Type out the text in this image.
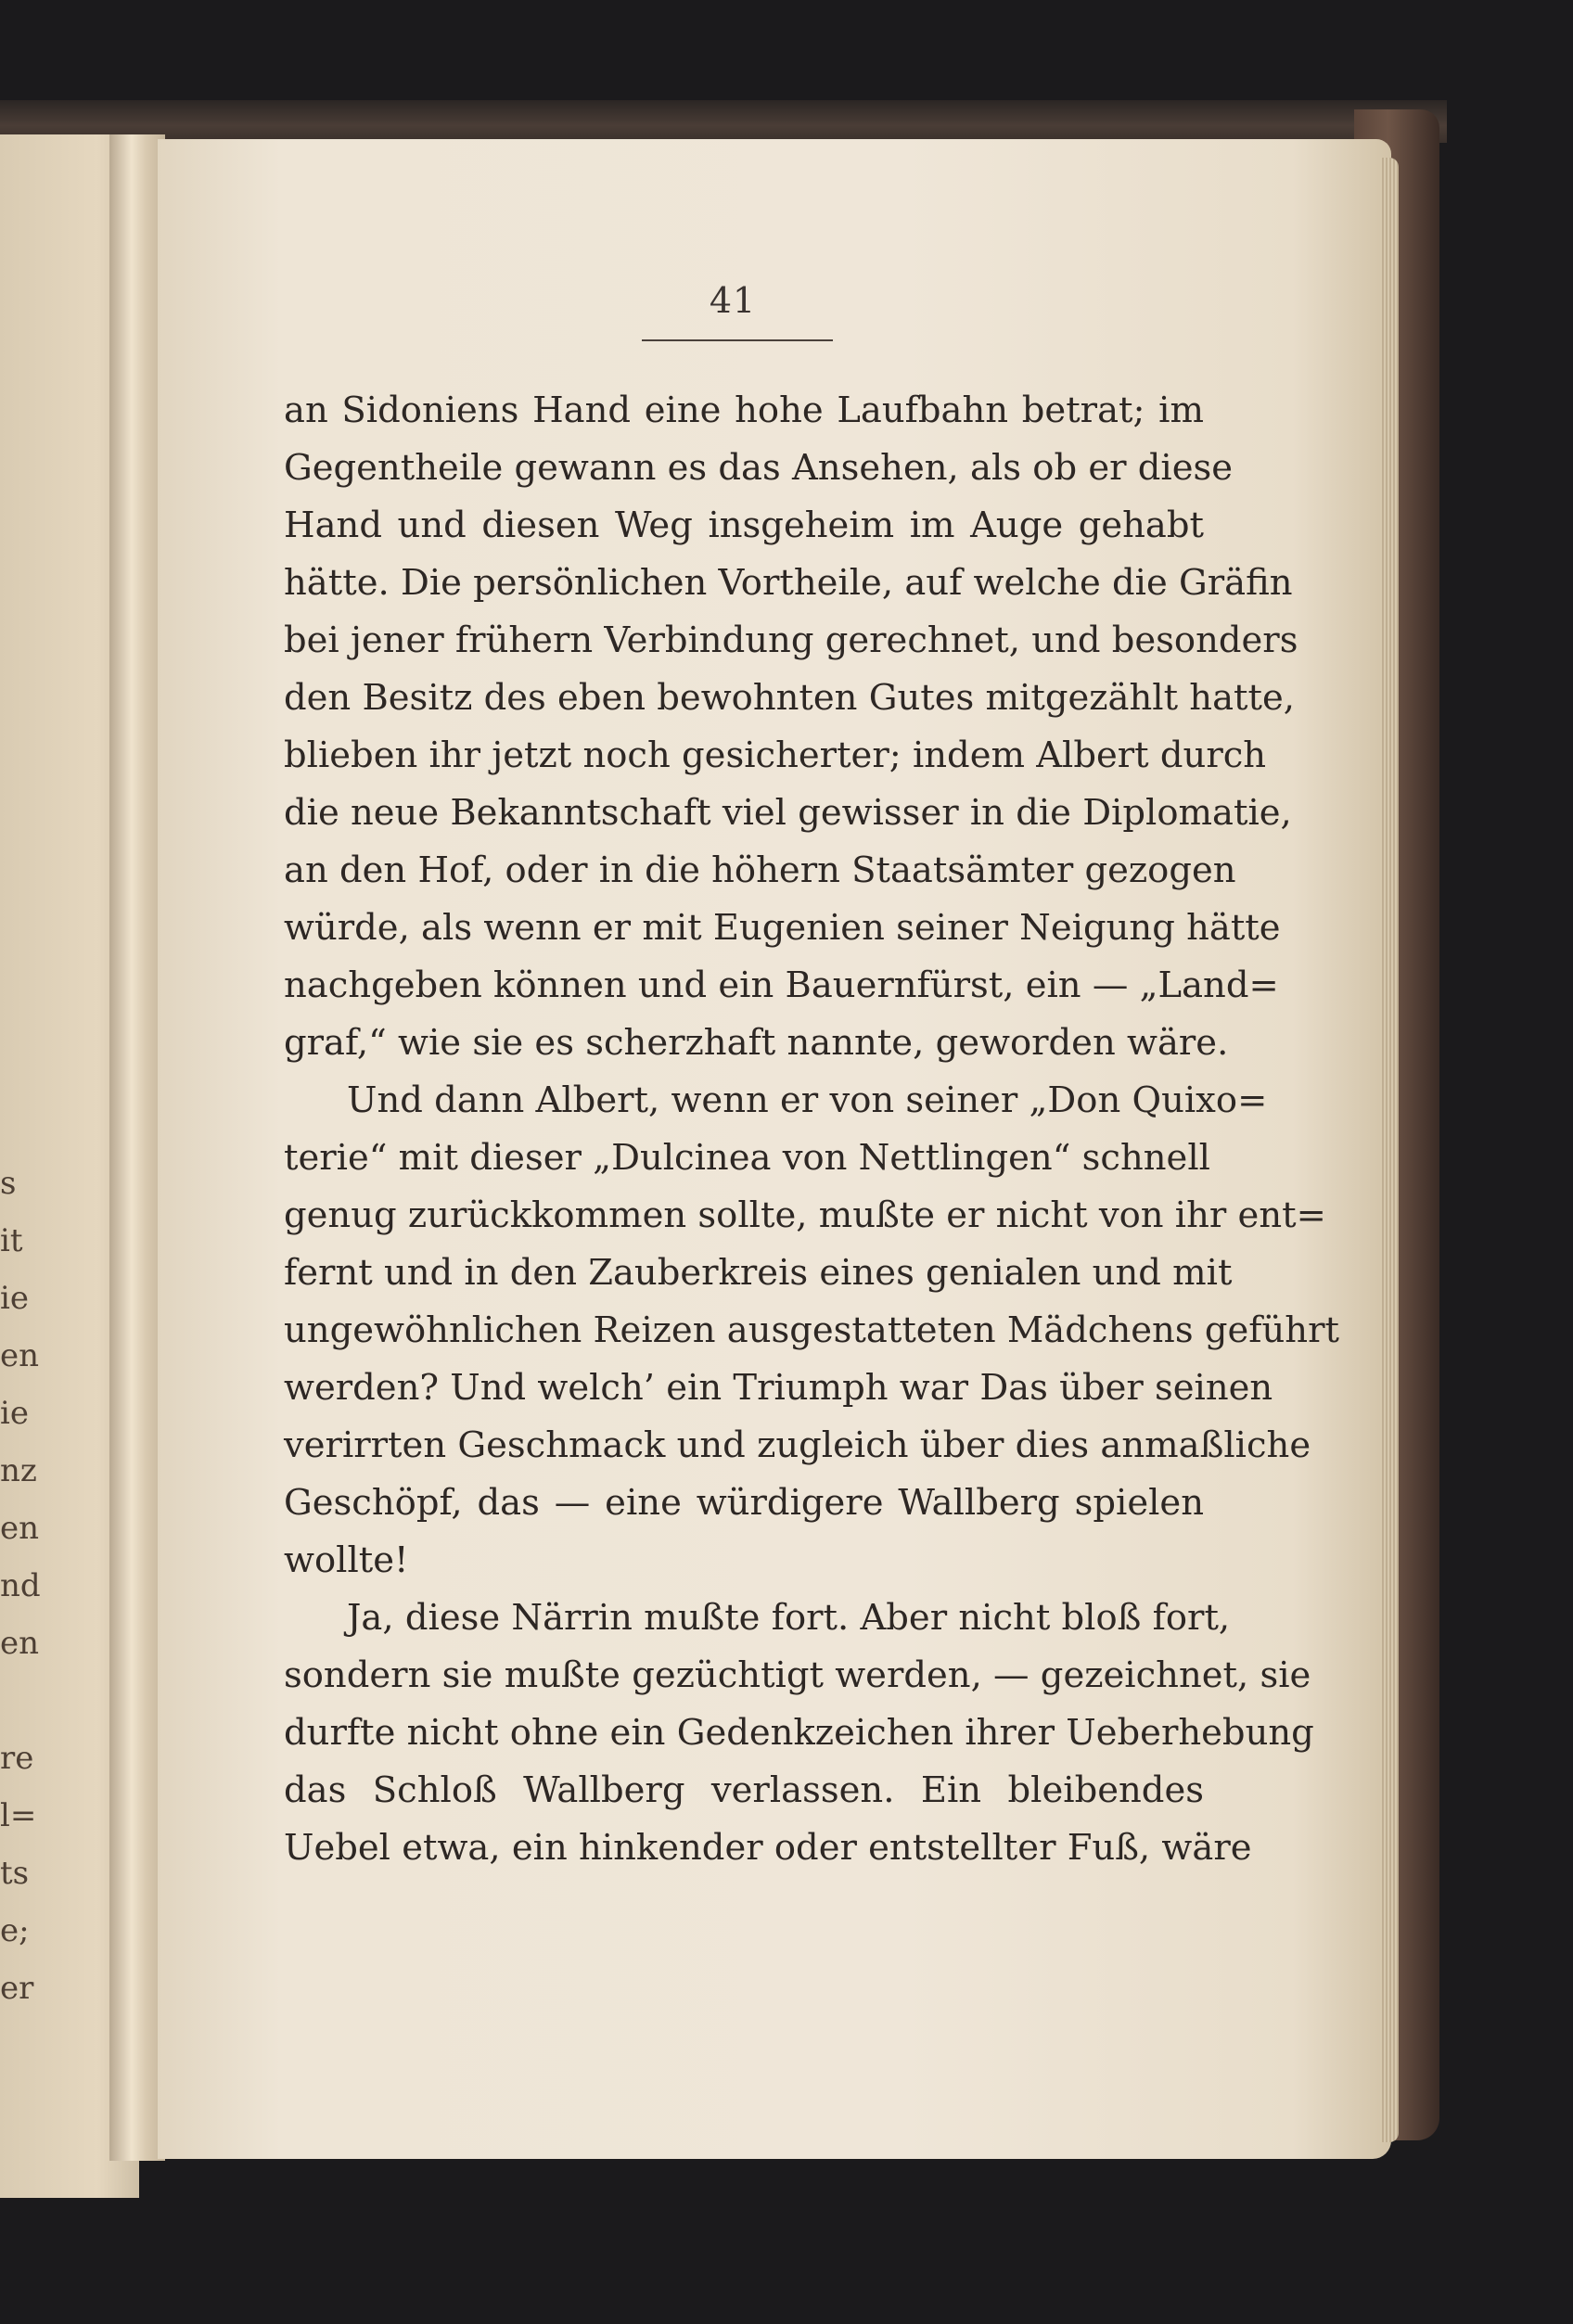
s
it
ie
en
ie
nz
en
nd
en
re
l=
ts
e;
er
41
an Sidoniens Hand eine hohe Laufbahn betrat; im
Gegentheile gewann es das Ansehen, als ob er diese
Hand und diesen Weg insgeheim im Auge gehabt
hätte. Die persönlichen Vortheile, auf welche die Gräfin
bei jener frühern Verbindung gerechnet, und besonders
den Besitz des eben bewohnten Gutes mitgezählt hatte,
blieben ihr jetzt noch gesicherter; indem Albert durch
die neue Bekanntschaft viel gewisser in die Diplomatie,
an den Hof, oder in die höhern Staatsämter gezogen
würde, als wenn er mit Eugenien seiner Neigung hätte
nachgeben können und ein Bauernfürst, ein — „Land=
graf,“ wie sie es scherzhaft nannte, geworden wäre.
Und dann Albert, wenn er von seiner „Don Quixo=
terie“ mit dieser „Dulcinea von Nettlingen“ schnell
genug zurückkommen sollte, mußte er nicht von ihr ent=
fernt und in den Zauberkreis eines genialen und mit
ungewöhnlichen Reizen ausgestatteten Mädchens geführt
werden? Und welch’ ein Triumph war Das über seinen
verirrten Geschmack und zugleich über dies anmaßliche
Geschöpf, das — eine würdigere Wallberg spielen
wollte!
Ja, diese Närrin mußte fort. Aber nicht bloß fort,
sondern sie mußte gezüchtigt werden, — gezeichnet, sie
durfte nicht ohne ein Gedenkzeichen ihrer Ueberhebung
das Schloß Wallberg verlassen. Ein bleibendes
Uebel etwa, ein hinkender oder entstellter Fuß, wäre
